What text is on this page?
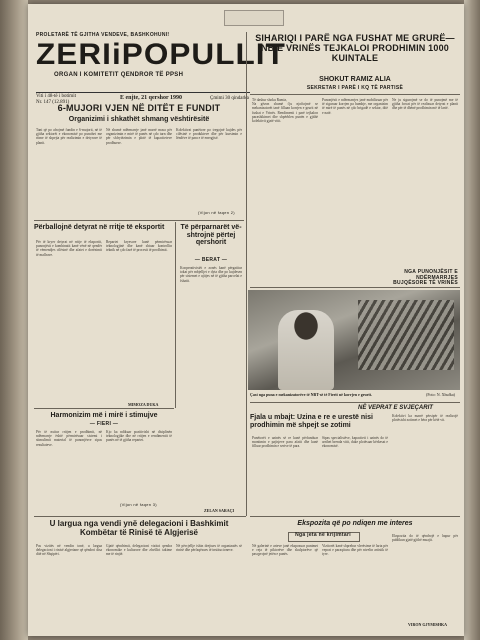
PROLETARË TË GJITHA VENDEVE, BASHKOHUNI!
ZERIiPOPULLIT
ORGAN I KOMITETIT QENDROR TË PPSH
Viti i 48-të i botimit
Nr. 147 (12.891)
E enjte, 21 qershor 1990	Çmimi 30 qindarka
SIHARIQI I PARË NGA FUSHAT ME GRURË—NB E VRINËS TEJKALOI PRODHIMIN 1000 KUINTALE
SHOKUT RAMIZ ALIA
SEKRETAR I PARË I KQ TË PARTISË
Të dashur shoku Ramiz,
Na gëzon shumë t'ju njoftojmë se mekanizatorët tanë filluan korrjen e grurit në fushat e Vrinës. Rendimenti i parë tejkalon parashikimet dhe shpërblen punën e gjithë kolektivit gjatë vitit.
Punonjësit e ndërmarrjes janë mobilizuar për të siguruar korrjen pa humbje, me organizim të mirë të punës në çdo brigadë e sektor, ditë e natë.
Ne ju sigurojmë se do të punojmë me të gjitha forcat për të realizuar detyrat e planit dhe për të dhënë prodhimin më të lartë.
NGA PUNONJËSIT E NDËRMARRJES BUJQËSORE TË VRINËS
Çast nga puna e mekanizatorëve të NBT-së të Fierit në korrjen e grurit.	(Foto: N. Xhufka)
6-MUJORI VJEN NË DITËT E FUNDIT
Organizimi i shkathët shmang vështirësitë
Tani që po afrojmë fundin e 6-mujorit, në të gjitha sektorët e ekonomisë po punohet me ritme të shpejta për realizimin e detyrave të planit.
Në shumë ndërmarrje janë marrë masa për organizimin e mirë të punës në çdo turn dhe për shfrytëzimin e plotë të kapaciteteve prodhuese.
Kolektivat punëtore po tregojnë kujdes për cilësinë e produkteve dhe për kursimin e lëndëve të para e të energjisë.
(Vijon në faqen 2)
Përballojnë detyrat në rritje të eksportit
Për të kryer detyrat në rritje të eksportit, punonjësit e kombinatit kanë vënë në qendër të vëmendjes cilësinë dhe afatet e dorëzimit të mallrave.
Repartet kryesore kanë përmirësuar teknologjinë dhe kanë shtuar kontrollin teknik në çdo fazë të procesit të prodhimit.
MIMOZA DUKA
Të përparnarët vë-shtrojnë përtej qershorit
— BERAT —
Kooperativistët e zonës kanë përgatitur tokat për mbjelljet e dyta dhe po kujdesen për sistemet e ujitjes në të gjitha parcelat e fshatit.
Harmonizim më i mirë i stimujve
— FIERI —
Për të nxitur rritjen e prodhimit, në ndërmarrje është përmirësuar sistemi i stimulimit material të punonjësve sipas rezultateve.
Kjo ka ndikuar pozitivisht në disiplinën teknologjike dhe në rritjen e rendimentit të punës në të gjitha repartet.
(Vijon në faqen 3)
ZELAN SARAÇI
NË VEPRAT E SVJEÇARIT
Fjala u mbajt: Uzina e re e urestë nisi prodhimin më shpejt se zotimi
Punëtorët e uzinës së re kanë përfunduar montimin e pajisjeve para afatit dhe kanë filluar prodhimin e serive të para.
Sipas specialistëve, kapaciteti i uzinës do të arrihet brenda vitit, duke plotësuar kërkesat e ekonomisë.
Kolektivi ka marrë përsipër të realizojë plotësisht zotimet e bëra për këtë vit.
Ekspozita që po ndiqen me interes
Nga jeta në krijimtari
Në galerinë e arteve janë ekspozuar punimet e reja të piktorëve dhe skulptorëve që pasqyrojnë jetën e punës.
Vizitorët kanë shprehur vlerësime të larta për veprat e paraqitura dhe për nivelin artistik të tyre.
Ekspozita do të qëndrojë e hapur për publikun gjatë gjithë muajit.
VIRON GJYMISHKA
U largua nga vendi ynë delegacioni i Bashkimit Kombëtar të Rinisë të Algjerisë
Pas vizitës në vendin tonë, u largua delegacioni i rinisë algjeriane që qëndroi disa ditë në Shqipëri.
Gjatë qëndrimit, delegacioni vizitoi qendra ekonomike e kulturore dhe zhvilloi takime me të rinjtë.
Në përcjellje ishin drejtues të organizatës së rinisë dhe përfaqësues të institucioneve.
